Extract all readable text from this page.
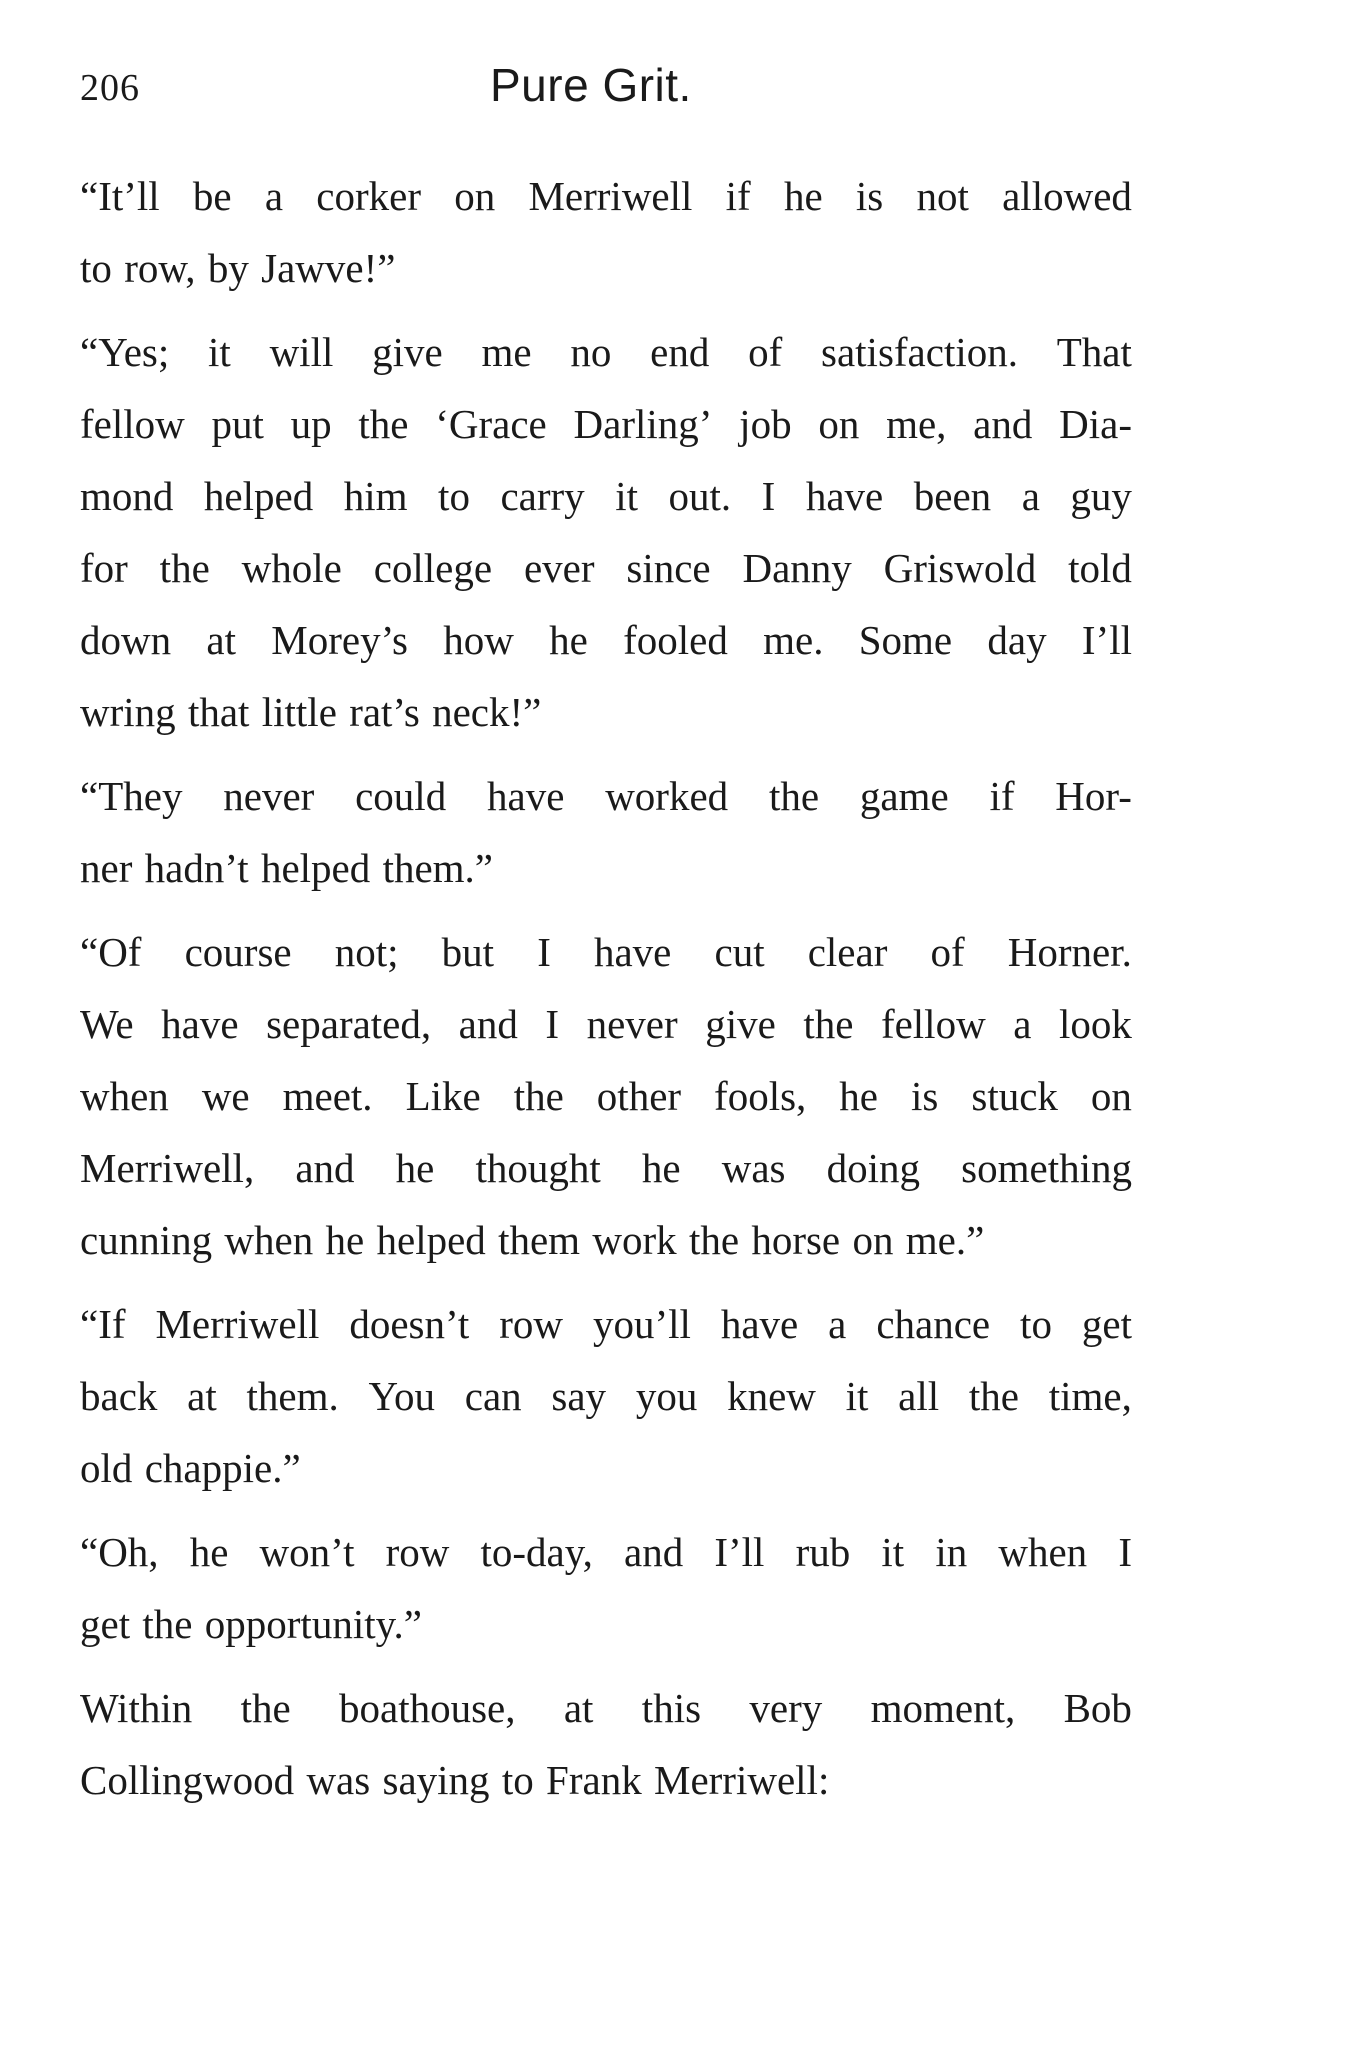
206	Pure Grit.
“It’ll be a corker on Merriwell if he is not allowed
to row, by Jawve!”
“Yes; it will give me no end of satisfaction. That
fellow put up the ‘Grace Darling’ job on me, and Dia-
mond helped him to carry it out. I have been a guy
for the whole college ever since Danny Griswold told
down at Morey’s how he fooled me. Some day I’ll
wring that little rat’s neck!”
“They never could have worked the game if Hor-
ner hadn’t helped them.”
“Of course not; but I have cut clear of Horner.
We have separated, and I never give the fellow a look
when we meet. Like the other fools, he is stuck on
Merriwell, and he thought he was doing something
cunning when he helped them work the horse on me.”
“If Merriwell doesn’t row you’ll have a chance to get
back at them. You can say you knew it all the time,
old chappie.”
“Oh, he won’t row to-day, and I’ll rub it in when I
get the opportunity.”
Within the boathouse, at this very moment, Bob
Collingwood was saying to Frank Merriwell:
